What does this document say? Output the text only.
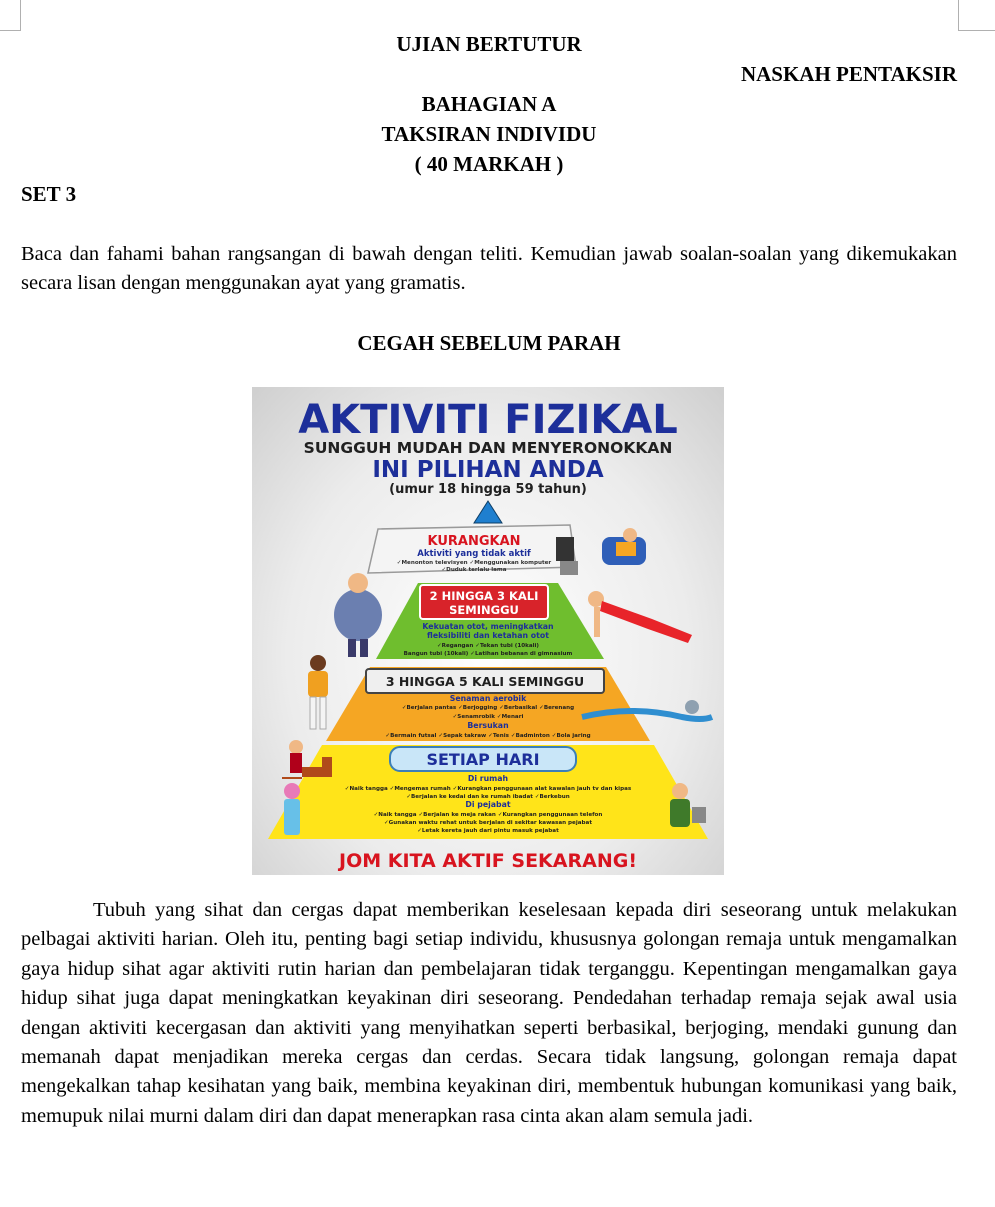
UJIAN BERTUTUR
NASKAH PENTAKSIR
BAHAGIAN A
TAKSIRAN INDIVIDU
( 40 MARKAH )
SET 3
Baca dan fahami bahan rangsangan di bawah dengan teliti. Kemudian jawab soalan-soalan yang dikemukakan secara lisan dengan menggunakan ayat yang gramatis.
CEGAH SEBELUM PARAH
AKTIVITI FIZIKAL
SUNGGUH MUDAH DAN MENYERONOKKAN
INI PILIHAN ANDA
(umur 18 hingga 59 tahun)
KURANGKAN
Aktiviti yang tidak aktif
✓Menonton televisyen ✓Menggunakan komputer
✓Duduk terlalu lama
2 HINGGA 3 KALI
SEMINGGU
Kekuatan otot, meningkatkan
fleksibiliti dan ketahan otot
✓Regangan ✓Tekan tubi (10kali)
Bangun tubi (10kali) ✓Latihan bebanan di gimnasium
3 HINGGA 5 KALI SEMINGGU
Senaman aerobik
✓Berjalan pantas ✓Berjogging ✓Berbasikal ✓Berenang
✓Senamrobik ✓Menari
Bersukan
✓Bermain futsal ✓Sepak takraw ✓Tenis ✓Badminton ✓Bola jaring
SETIAP HARI
Di rumah
✓Naik tangga ✓Mengemas rumah ✓Kurangkan penggunaan alat kawalan jauh tv dan kipas
✓Berjalan ke kedai dan ke rumah ibadat ✓Berkebun
Di pejabat
✓Naik tangga ✓Berjalan ke meja rakan ✓Kurangkan penggunaan telefon
✓Gunakan waktu rehat untuk berjalan di sekitar kawasan pejabat
✓Letak kereta jauh dari pintu masuk pejabat
JOM KITA AKTIF SEKARANG!
Tubuh yang sihat dan cergas dapat memberikan keselesaan kepada diri seseorang untuk melakukan pelbagai aktiviti harian. Oleh itu, penting bagi setiap individu, khususnya golongan remaja untuk mengamalkan gaya hidup sihat agar aktiviti rutin harian dan pembelajaran tidak terganggu. Kepentingan mengamalkan gaya hidup sihat juga dapat meningkatkan keyakinan diri seseorang. Pendedahan terhadap remaja sejak awal usia dengan aktiviti kecergasan dan aktiviti yang menyihatkan seperti berbasikal, berjoging, mendaki gunung dan memanah dapat menjadikan mereka cergas dan cerdas. Secara tidak langsung, golongan remaja dapat mengekalkan tahap kesihatan yang baik, membina keyakinan diri, membentuk hubungan komunikasi yang baik, memupuk nilai murni dalam diri dan dapat menerapkan rasa cinta akan alam semula jadi.
